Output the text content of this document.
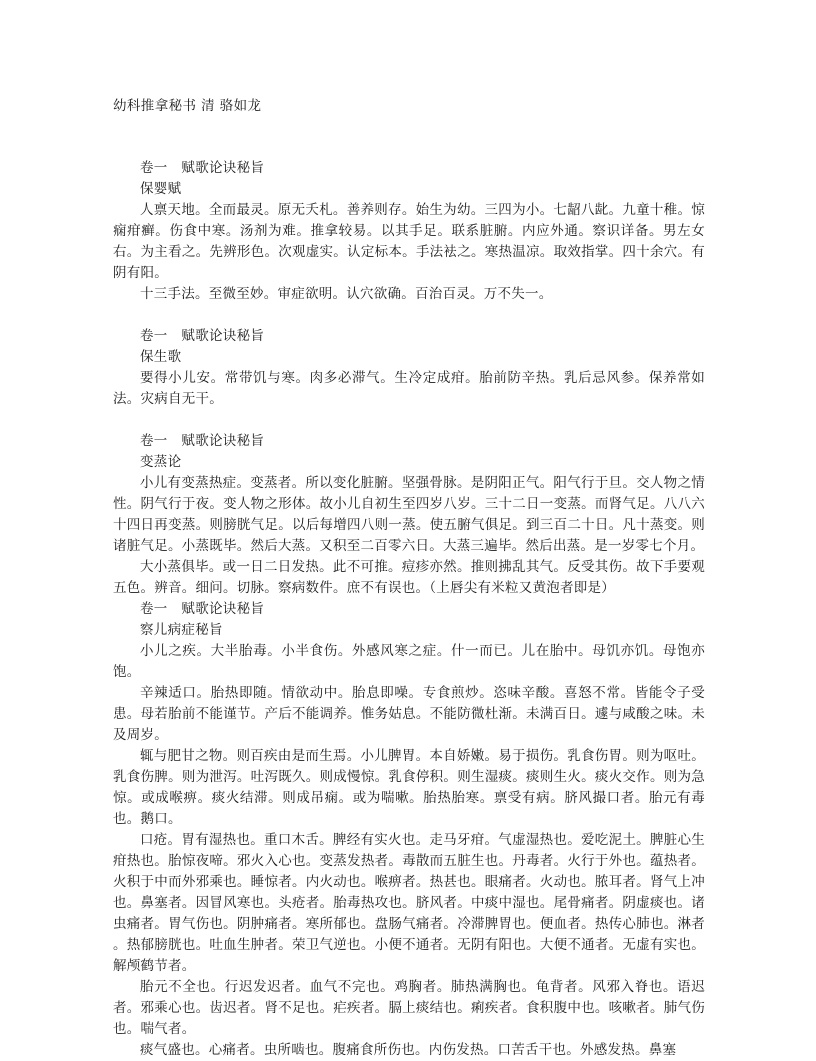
幼科推拿秘书 清 骆如龙
卷一　赋歌论诀秘旨
保婴赋

人禀天地。全而最灵。原无夭札。善养则存。始生为幼。三四为小。七龆八龀。九童十稚。惊痫疳癣。伤食中寒。汤剂为难。推拿较易。以其手足。联系脏腑。内应外通。察识详备。男左女右。为主看之。先辨形色。次观虚实。认定标本。手法袪之。寒热温凉。取效指掌。四十余穴。有阴有阳。

十三手法。至微至妙。审症欲明。认穴欲确。百治百灵。万不失一。

卷一　赋歌论诀秘旨
保生歌

要得小儿安。常带饥与寒。肉多必滞气。生冷定成疳。胎前防辛热。乳后忌风参。保养常如法。灾病自无干。

卷一　赋歌论诀秘旨
变蒸论

小儿有变蒸热症。变蒸者。所以变化脏腑。坚强骨脉。是阴阳正气。阳气行于旦。交人物之情性。阴气行于夜。变人物之形体。故小儿自初生至四岁八岁。三十二日一变蒸。而肾气足。八八六十四日再变蒸。则膀胱气足。以后每增四八则一蒸。使五腑气俱足。到三百二十日。凡十蒸变。则诸脏气足。小蒸既毕。然后大蒸。又积至二百零六日。大蒸三遍毕。然后出蒸。是一岁零七个月。

大小蒸俱毕。或一日二日发热。此不可推。痘疹亦然。推则拂乱其气。反受其伤。故下手要观五色。辨音。细问。切脉。察病数件。庶不有误也。（上唇尖有米粒又黄泡者即是）

卷一　赋歌论诀秘旨
察儿病症秘旨

小儿之疾。大半胎毒。小半食伤。外感风寒之症。什一而已。儿在胎中。母饥亦饥。母饱亦饱。

辛辣适口。胎热即随。情欲动中。胎息即噪。专食煎炒。恣味辛酸。喜怒不常。皆能令子受患。母若胎前不能谨节。产后不能调养。惟务姑息。不能防微杜渐。未满百日。遽与咸酸之味。未及周岁。

辄与肥甘之物。则百疾由是而生焉。小儿脾胃。本自娇嫩。易于损伤。乳食伤胃。则为呕吐。乳食伤脾。则为泄泻。吐泻既久。则成慢惊。乳食停积。则生湿痰。痰则生火。痰火交作。则为急惊。或成喉痹。痰火结滞。则成吊痫。或为喘嗽。胎热胎寒。禀受有病。脐风撮口者。胎元有毒也。鹅口。

口疮。胃有湿热也。重口木舌。脾经有实火也。走马牙疳。气虚湿热也。爱吃泥土。脾脏心生疳热也。胎惊夜啼。邪火入心也。变蒸发热者。毒散而五脏生也。丹毒者。火行于外也。蕴热者。火积于中而外邪乘也。睡惊者。内火动也。喉痹者。热甚也。眼痛者。火动也。脓耳者。肾气上冲也。鼻塞者。因冒风寒也。头疮者。胎毒热攻也。脐风者。中痰中湿也。尾骨痛者。阴虚痰也。诸虫痛者。胃气伤也。阴肿痛者。寒所郁也。盘肠气痛者。冷滞脾胃也。便血者。热传心肺也。淋者 。热郁膀胱也。吐血生肿者。荣卫气逆也。小便不通者。无阴有阳也。大便不通者。无虚有实也。解颅鹤节者。

胎元不全也。行迟发迟者。血气不完也。鸡胸者。肺热满胸也。龟背者。风邪入脊也。语迟者。邪乘心也。齿迟者。肾不足也。疟疾者。膈上痰结也。痢疾者。食积腹中也。咳嗽者。肺气伤也。喘气者。

痰气盛也。心痛者。虫所啮也。腹痛食所伤也。内伤发热。口苦舌干也。外感发热。鼻塞
